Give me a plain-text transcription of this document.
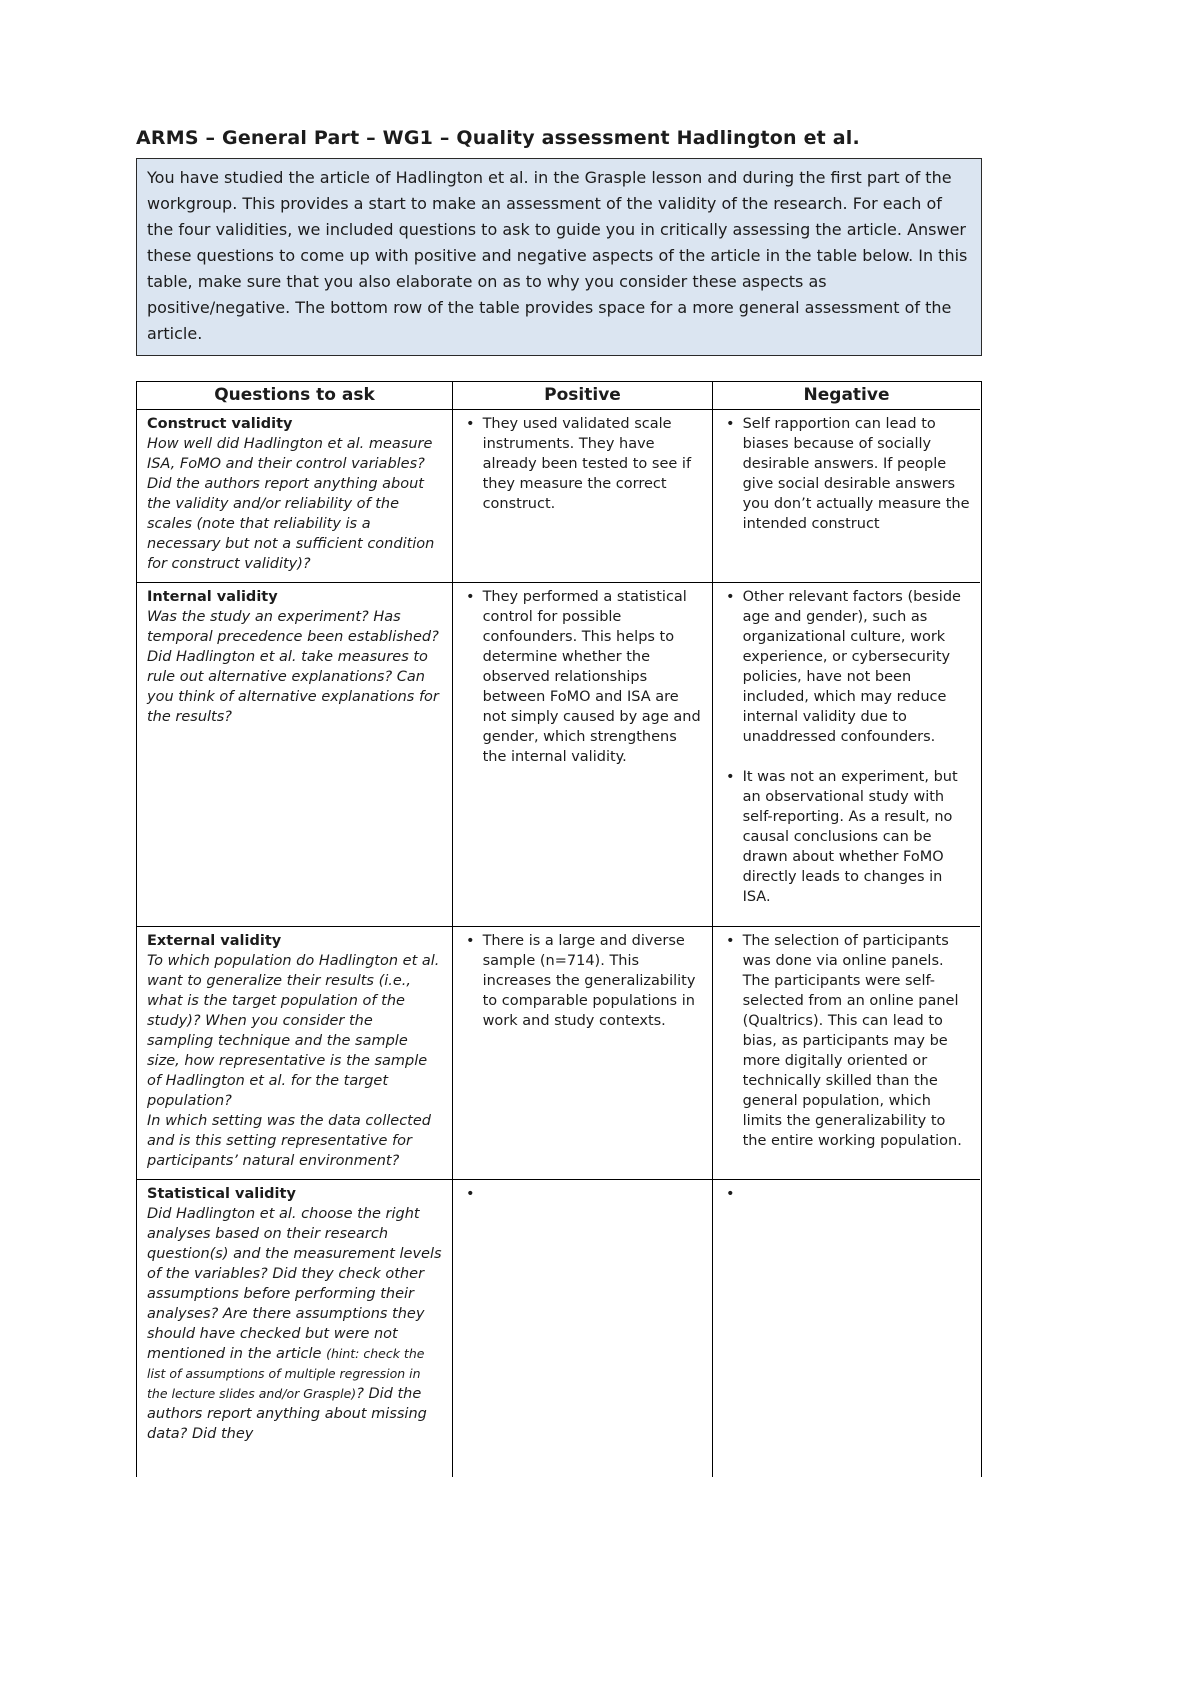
ARMS – General Part – WG1 – Quality assessment Hadlington et al.
You have studied the article of Hadlington et al. in the Grasple lesson and during the first part of the workgroup. This provides a start to make an assessment of the validity of the research. For each of the four validities, we included questions to ask to guide you in critically assessing the article. Answer these questions to come up with positive and negative aspects of the article in the table below. In this table, make sure that you also elaborate on as to why you consider these aspects as positive/negative. The bottom row of the table provides space for a more general assessment of the article.
Questions to ask	Positive	Negative
Construct validity
How well did Hadlington et al. measure ISA, FoMO and their control variables? Did the authors report anything about the validity and/or reliability of the scales (note that reliability is a necessary but not a sufficient condition for construct validity)?
• They used validated scale instruments. They have already been tested to see if they measure the correct construct.
• Self rapportion can lead to biases because of socially desirable answers. If people give social desirable answers you don’t actually measure the intended construct
Internal validity
Was the study an experiment? Has temporal precedence been established? Did Hadlington et al. take measures to rule out alternative explanations? Can you think of alternative explanations for the results?
• They performed a statistical control for possible confounders. This helps to determine whether the observed relationships between FoMO and ISA are not simply caused by age and gender, which strengthens the internal validity.
• Other relevant factors (beside age and gender), such as organizational culture, work experience, or cybersecurity policies, have not been included, which may reduce internal validity due to unaddressed confounders.
• It was not an experiment, but an observational study with self-reporting. As a result, no causal conclusions can be drawn about whether FoMO directly leads to changes in ISA.
External validity
To which population do Hadlington et al. want to generalize their results (i.e., what is the target population of the study)? When you consider the sampling technique and the sample size, how representative is the sample of Hadlington et al. for the target population?
In which setting was the data collected and is this setting representative for participants’ natural environment?
• There is a large and diverse sample (n=714). This increases the generalizability to comparable populations in work and study contexts.
• The selection of participants was done via online panels. The participants were self-selected from an online panel (Qualtrics). This can lead to bias, as participants may be more digitally oriented or technically skilled than the general population, which limits the generalizability to the entire working population.
Statistical validity
Did Hadlington et al. choose the right analyses based on their research question(s) and the measurement levels of the variables? Did they check other assumptions before performing their analyses? Are there assumptions they should have checked but were not mentioned in the article (hint: check the list of assumptions of multiple regression in the lecture slides and/or Grasple)? Did the authors report anything about missing data? Did they
•
•
